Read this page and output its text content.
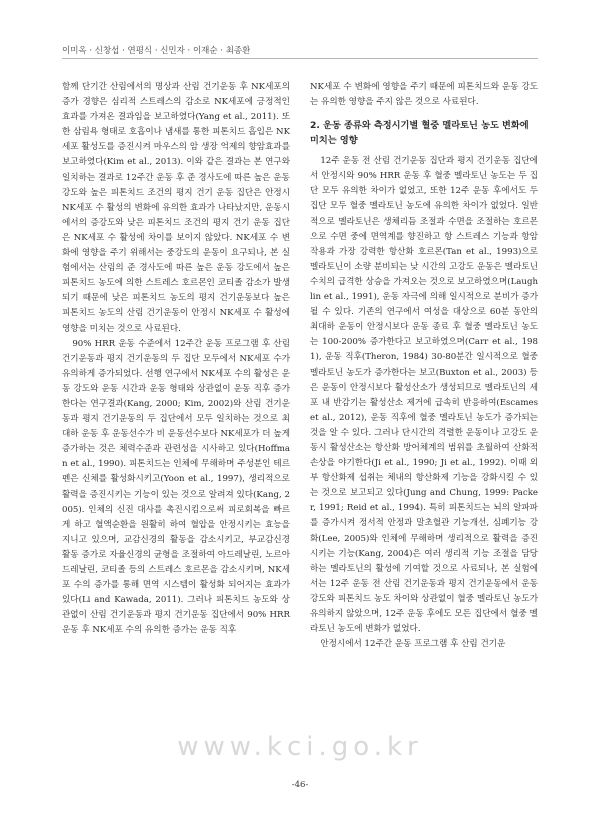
이미옥 · 신창섭 · 연평식 · 신민자 · 이재순 · 최종환

함께 단기간 산림에서의 명상과 산림 건기운동 후 NK세포의 증가 경향은 심리적 스트레스의 감소로 NK세포에 긍정적인 효과를 가져온 결과임을 보고하였다(Yang et al., 2011). 또한 삼림욕 형태로 호흡이나 냄새를 통한 피톤치드 흡입은 NK세포 활성도를 증진시켜 마우스의 암 생장 억제의 향암효과를 보고하였다(Kim et al., 2013). 이와 같은 결과는 본 연구와 일치하는 결과로 12주간 운동 후 준 경사도에 따른 높은 운동강도와 높은 피톤치드 조건의 평지 건기 운동 집단은 안정시 NK세포 수 활성의 변화에 유의한 효과가 나타났지만, 운동시에서의 증강도와 낮은 피톤치드 조건의 평지 건기 운동 집단은 NK세포 수 활성에 차이를 보이지 않았다. NK세포 수 변화에 영향을 주기 위해서는 중강도의 운동이 요구되나, 본 실험에서는 산림의 준 경사도에 따른 높은 운동 강도에서 높은 피톤치드 농도에 의한 스트레스 호르몬인 코티졸 감소가 발생되기 때문에 낮은 피톤치드 농도의 평지 건기운동보다 높은 피톤치드 농도의 산림 건기운동이 안정시 NK세포 수 활성에 영향을 미치는 것으로 사료된다.

90% HRR 운동 수준에서 12주간 운동 프로그램 후 산림 건기운동과 평지 건기운동의 두 집단 모두에서 NK세포 수가 유의하게 증가되었다. 선행 연구에서 NK세포 수의 활성은 운동 강도와 운동 시간과 운동 형태와 상관없이 운동 직후 증가한다는 연구결과(Kang, 2000; Kim, 2002)와 산림 건기운동과 평지 건기운동의 두 집단에서 모두 일치하는 것으로 최대하 운동 후 운동선수가 비 운동선수보다 NK세포가 더 높게 증가하는 것은 체력수준과 관련성을 시사하고 있다(Hoffman et al., 1990). 피톤치드는 인체에 무해하며 주성분인 테르펜은 신체를 활성화시키고(Yoon et al., 1997), 생리적으로 활력을 증진시키는 기능이 있는 것으로 알려져 있다(Kang, 2005). 인체의 신진 대사를 촉진시킴으로써 피로회복을 빠르게 하고 혈액순환을 원활히 하여 혈압을 안정시키는 효능을 지니고 있으며, 교감신경의 활동을 감소시키고, 부교감신경 활동 증가로 자율신경의 균형을 조절하여 아드레날린, 노르아드레날린, 코티졸 등의 스트레스 호르몬을 감소시키며, NK세포 수의 증가를 통해 면역 시스템이 활성화 되어지는 효과가 있다(Li and Kawada, 2011). 그러나 피톤치드 농도와 상관없이 산림 건기운동과 평지 건기운동 집단에서 90% HRR 운동 후 NK세포 수의 유의한 증가는 운동 직후

NK세포 수 변화에 영향을 주기 때문에 피톤치드와 운동 강도는 유의한 영향을 주지 않은 것으로 사료된다.

2. 운동 종류와 측정시기별 혈중 멜라토닌 농도 변화에 미치는 영향

12주 운동 전 산림 건기운동 집단과 평지 건기운동 집단에서 안정시와 90% HRR 운동 후 혈중 멜라토닌 농도는 두 집단 모두 유의한 차이가 없었고, 또한 12주 운동 후에서도 두 집단 모두 혈중 멜라토닌 농도에 유의한 차이가 없었다. 일반적으로 멜라토닌은 생체리듬 조절과 수면을 조절하는 호르몬으로 수면 중에 면역계를 향진하고 항 스트레스 기능과 항암 작용과 가장 강력한 항산화 호르몬(Tan et al., 1993)으로 멜라토닌이 소량 분비되는 낮 시간의 고강도 운동은 멜라토닌 수치의 급격한 상승을 가져오는 것으로 보고하였으며(Laughlin et al., 1991), 운동 자극에 의해 일시적으로 분비가 증가될 수 있다. 기존의 연구에서 여성을 대상으로 60분 동안의 최대하 운동이 안정시보다 운동 종료 후 혈중 멜라토닌 농도는 100-200% 증가한다고 보고하였으며(Carr et al., 1981), 운동 직후(Theron, 1984) 30-80분간 일시적으로 혈중 멜라토닌 농도가 증가한다는 보고(Buxton et al., 2003) 등은 운동이 안정시보다 활성산소가 생성되므로 멜라토닌의 세포 내 반감기는 활성산소 제거에 급속히 반응하여(Escames et al., 2012), 운동 직후에 혈중 멜라토닌 농도가 증가되는 것을 알 수 있다. 그러나 단시간의 격렬한 운동이나 고강도 운동시 활성산소는 항산화 방어체계의 범위를 초월하여 산화적 손상을 야기한다(Ji et al., 1990; Ji et al., 1992). 이때 외부 항산화제 섭취는 체내의 항산화제 기능을 강화시킬 수 있는 것으로 보고되고 있다(Jung and Chung, 1999: Packer, 1991; Reid et al., 1994). 특히 피톤치드는 뇌의 알파파를 증가시켜 정서적 안정과 말초혈관 기능개선, 심폐기능 강화(Lee, 2005)와 인체에 무해하며 생리적으로 활력을 증진시키는 기능(Kang, 2004)은 여러 생리적 기능 조절을 담당하는 멜라토닌의 활성에 기여할 것으로 사료되나, 본 실험에서는 12주 운동 전 산림 건기운동과 평지 건기운동에서 운동 강도와 피톤치드 농도 차이와 상관없이 혈중 멜라토닌 농도가 유의하지 않았으며, 12주 운동 후에도 모든 집단에서 혈중 멜라토닌 농도에 변화가 없었다.

안정시에서 12주간 운동 프로그램 후 산림 건기운

www.kci.go.kr
-46-
